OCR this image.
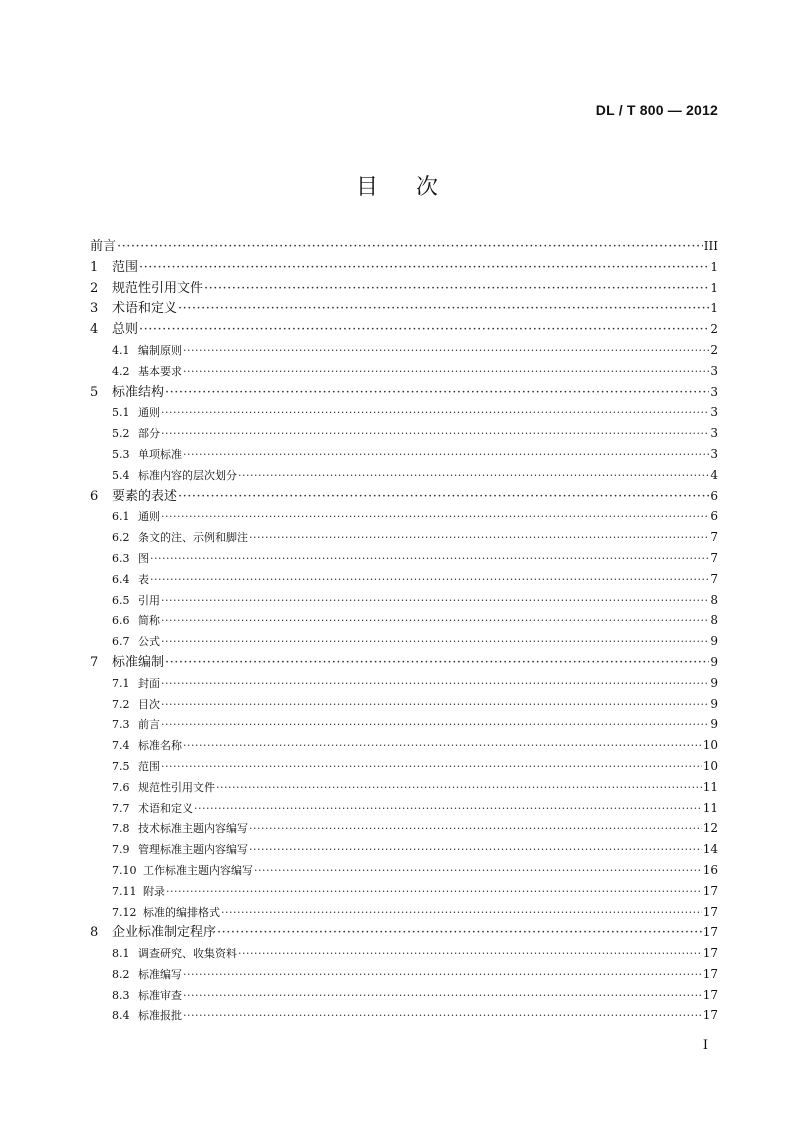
DL / T 800 — 2012
目次
前言 ·····	III
1	范围 ·····	1
2	规范性引用文件 ·····	1
3	术语和定义 ·····	1
4	总则 ·····	2
4.1 编制原则 ·····	2
4.2 基本要求 ·····	3
5	标准结构 ·····	3
5.1 通则 ·····	3
5.2 部分 ·····	3
5.3 单项标准 ·····	3
5.4 标准内容的层次划分 ·····	4
6	要素的表述 ·····	6
6.1 通则 ·····	6
6.2 条文的注、示例和脚注 ·····	7
6.3 图 ·····	7
6.4 表 ·····	7
6.5 引用 ·····	8
6.6 简称 ·····	8
6.7 公式 ·····	9
7	标准编制 ·····	9
7.1 封面 ·····	9
7.2 目次 ·····	9
7.3 前言 ·····	9
7.4 标准名称 ·····	10
7.5 范围 ·····	10
7.6 规范性引用文件 ·····	11
7.7 术语和定义 ·····	11
7.8 技术标准主题内容编写 ·····	12
7.9 管理标准主题内容编写 ·····	14
7.10 工作标准主题内容编写 ·····	16
7.11 附录 ·····	17
7.12 标准的编排格式 ·····	17
8	企业标准制定程序 ·····	17
8.1 调查研究、收集资料 ·····	17
8.2 标准编写 ·····	17
8.3 标准审查 ·····	17
8.4 标准报批 ·····	17
I
